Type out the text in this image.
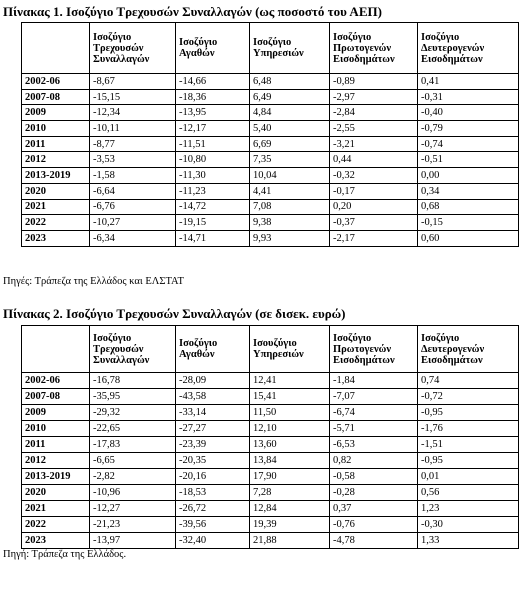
Πίνακας 1. Ισοζύγιο Τρεχουσών Συναλλαγών (ως ποσοστό του ΑΕΠ)

	Ισοζύγιο Τρεχουσών Συναλλαγών	Ισοζύγιο Αγαθών	Ισοζύγιο Υπηρεσιών	Ισοζύγιο Πρωτογενών Εισοδημάτων	Ισοζύγιο Δευτερογενών Εισοδημάτων
2002-06	-8,67	-14,66	6,48	-0,89	0,41
2007-08	-15,15	-18,36	6,49	-2,97	-0,31
2009	-12,34	-13,95	4,84	-2,84	-0,40
2010	-10,11	-12,17	5,40	-2,55	-0,79
2011	-8,77	-11,51	6,69	-3,21	-0,74
2012	-3,53	-10,80	7,35	0,44	-0,51
2013-2019	-1,58	-11,30	10,04	-0,32	0,00
2020	-6,64	-11,23	4,41	-0,17	0,34
2021	-6,76	-14,72	7,08	0,20	0,68
2022	-10,27	-19,15	9,38	-0,37	-0,15
2023	-6,34	-14,71	9,93	-2,17	0,60

Πηγές: Τράπεζα της Ελλάδος και ΕΛΣΤΑΤ

Πίνακας 2. Ισοζύγιο Τρεχουσών Συναλλαγών (σε δισεκ. ευρώ)

	Ισοζύγιο Τρεχουσών Συναλλαγών	Ισοζύγιο Αγαθών	Ισουζύγιο Υπηρεσιών	Ισοζύγιο Πρωτογενών Εισοδημάτων	Ισοζύγιο Δευτερογενών Εισοδημάτων
2002-06	-16,78	-28,09	12,41	-1,84	0,74
2007-08	-35,95	-43,58	15,41	-7,07	-0,72
2009	-29,32	-33,14	11,50	-6,74	-0,95
2010	-22,65	-27,27	12,10	-5,71	-1,76
2011	-17,83	-23,39	13,60	-6,53	-1,51
2012	-6,65	-20,35	13,84	0,82	-0,95
2013-2019	-2,82	-20,16	17,90	-0,58	0,01
2020	-10,96	-18,53	7,28	-0,28	0,56
2021	-12,27	-26,72	12,84	0,37	1,23
2022	-21,23	-39,56	19,39	-0,76	-0,30
2023	-13,97	-32,40	21,88	-4,78	1,33

Πηγή: Τράπεζα της Ελλάδος.
